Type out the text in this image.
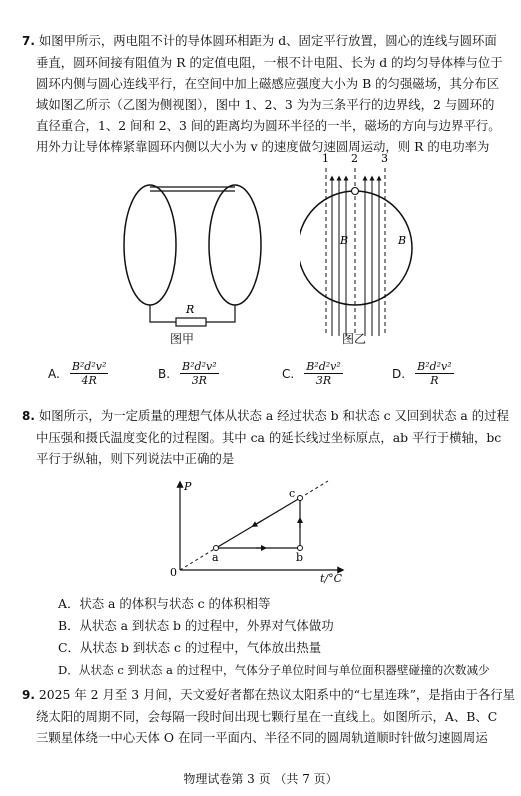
7. 如图甲所示，两电阻不计的导体圆环相距为 d、固定平行放置，圆心的连线与圆环面
垂直，圆环间接有阻值为 R 的定值电阻，一根不计电阻、长为 d 的均匀导体棒与位于
圆环内侧与圆心连线平行，在空间中加上磁感应强度大小为 B 的匀强磁场，其分布区
域如图乙所示（乙图为侧视图），图中 1、2、3 为为三条平行的边界线，2 与圆环的
直径重合，1、2 间和 2、3 间的距离均为圆环半径的一半，磁场的方向与边界平行。
用外力让导体棒紧靠圆环内侧以大小为 v 的速度做匀速圆周运动，则 R 的电功率为
R
图甲
1 2 3
B	B
图乙
A. $\frac{\text{B²d²v²}}{4R}$	B. $\frac{\text{B²d²v²}}{3R}$	C. $\frac{\text{B²d²v²}}{3R}$	D. $\frac{\text{B²d²v²}}{R}$
8. 如图所示，为一定质量的理想气体从状态 a 经过状态 b 和状态 c 又回到状态 a 的过程
中压强和摄氏温度变化的过程图。其中 ca 的延长线过坐标原点，ab 平行于横轴，bc
平行于纵轴，则下列说法中正确的是
P
0
a	b
c
t/°C
A．状态 a 的体积与状态 c 的体积相等
B．从状态 a 到状态 b 的过程中，外界对气体做功
C．从状态 b 到状态 c 的过程中，气体放出热量
D．从状态 c 到状态 a 的过程中，气体分子单位时间与单位面积器壁碰撞的次数减少
9. 2025 年 2 月至 3 月间，天文爱好者都在热议太阳系中的“七星连珠”，是指由于各行星
绕太阳的周期不同，会每隔一段时间出现七颗行星在一直线上。如图所示，A、B、C
三颗星体绕一中心天体 O 在同一平面内、半径不同的圆周轨道顺时针做匀速圆周运
物理试卷第 3 页 （共 7 页）
